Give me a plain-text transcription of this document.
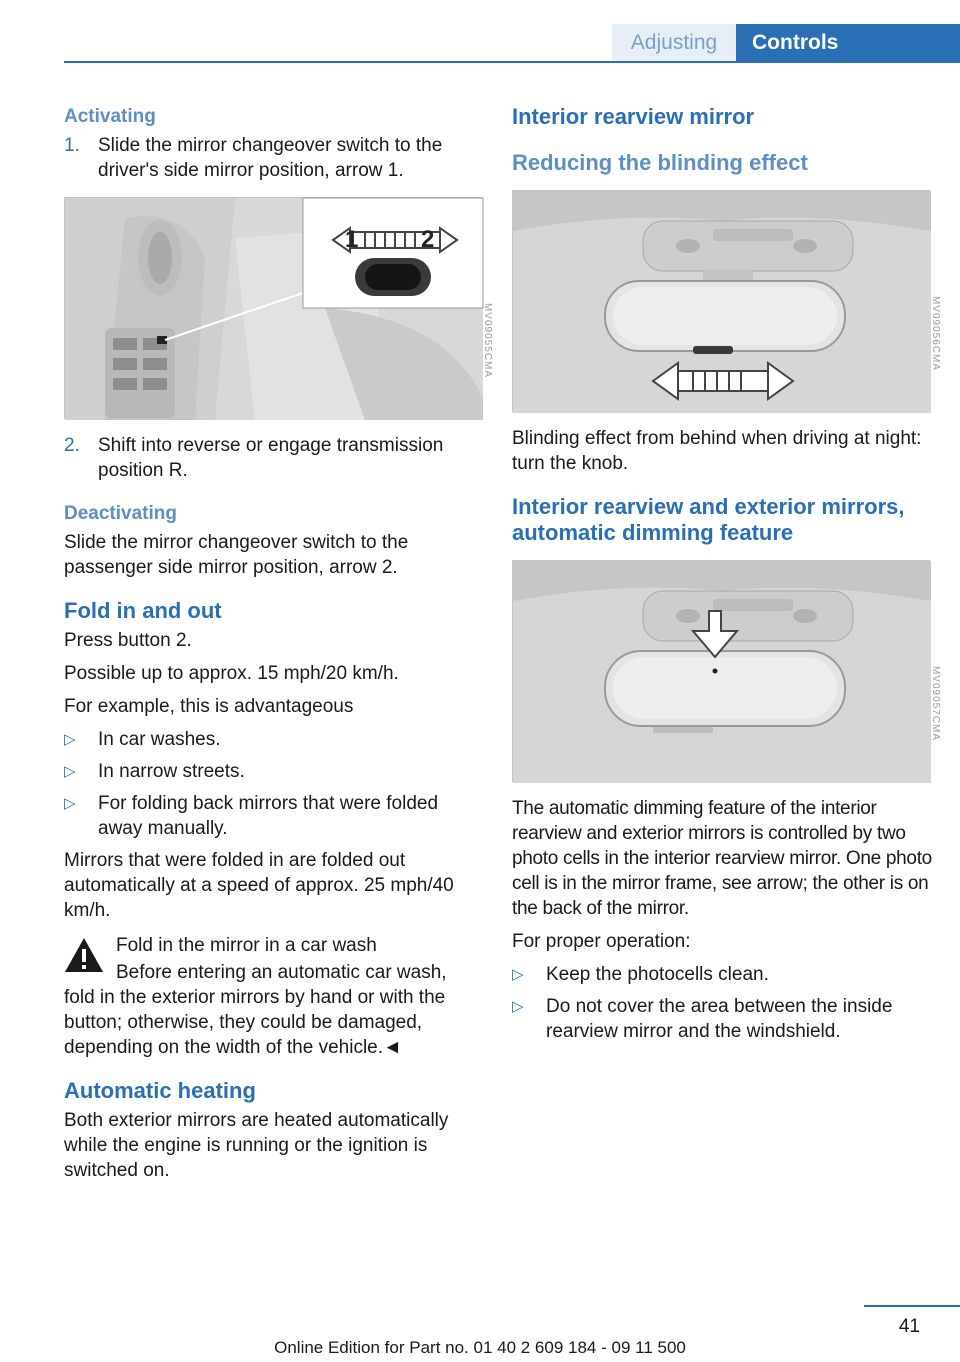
Adjusting	Controls
Activating
1. Slide the mirror changeover switch to the driver's side mirror position, arrow 1.
1	2
MV09055CMA
2. Shift into reverse or engage transmission position R.
Deactivating

Slide the mirror changeover switch to the passenger side mirror position, arrow 2.

Fold in and out

Press button 2.

Possible up to approx. 15 mph/20 km/h.

For example, this is advantageous

▷	In car washes.
▷	In narrow streets.
▷	For folding back mirrors that were folded away manually.

Mirrors that were folded in are folded out automatically at a speed of approx. 25 mph/40 km/h.

Fold in the mirror in a car wash
Before entering an automatic car wash,
fold in the exterior mirrors by hand or with the button; otherwise, they could be damaged, depending on the width of the vehicle.◄
Automatic heating

Both exterior mirrors are heated automatically while the engine is running or the ignition is switched on.

Interior rearview mirror
Reducing the blinding effect
MV09056CMA

Blinding effect from behind when driving at night: turn the knob.

Interior rearview and exterior mirrors, automatic dimming feature
MV09057CMA

The automatic dimming feature of the interior rearview and exterior mirrors is controlled by two photo cells in the interior rearview mirror. One photo cell is in the mirror frame, see arrow; the other is on the back of the mirror.

For proper operation:

▷	Keep the photocells clean.
▷	Do not cover the area between the inside rearview mirror and the windshield.
41
Online Edition for Part no. 01 40 2 609 184 - 09 11 500
